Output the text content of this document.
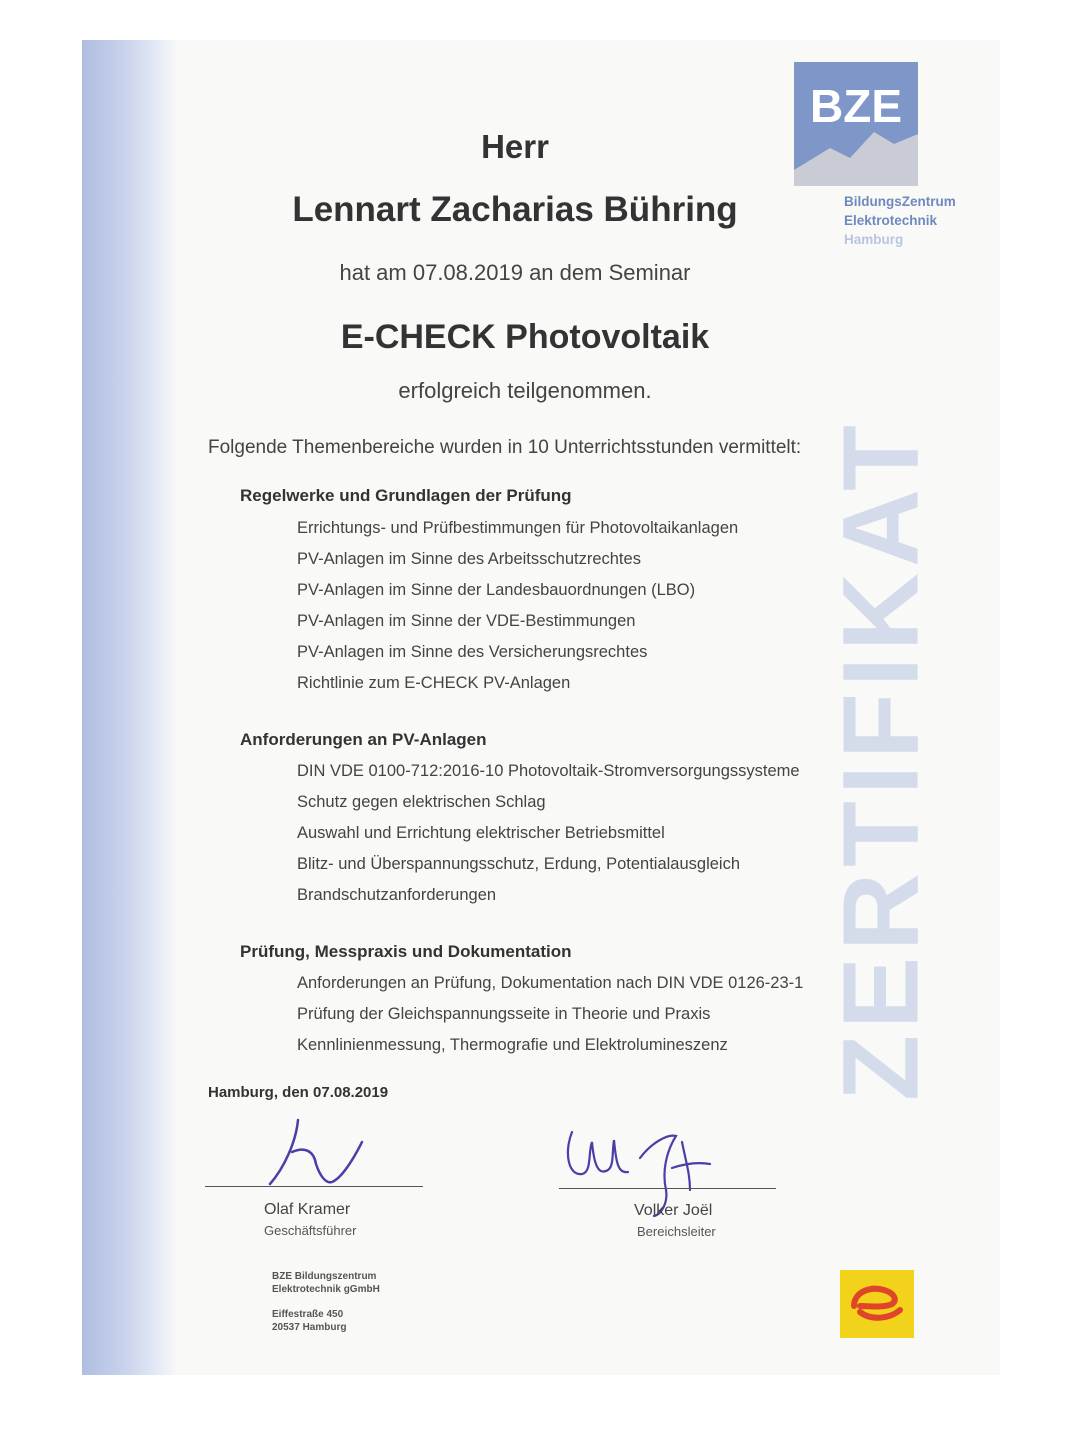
ZERTIFIKAT
BZE
BildungsZentrum
Elektrotechnik
Hamburg
Herr
Lennart Zacharias Bühring
hat am 07.08.2019 an dem Seminar
E-CHECK Photovoltaik
erfolgreich teilgenommen.
Folgende Themenbereiche wurden in 10 Unterrichtsstunden vermittelt:
Regelwerke und Grundlagen der Prüfung
Errichtungs- und Prüfbestimmungen für Photovoltaikanlagen
PV-Anlagen im Sinne des Arbeitsschutzrechtes
PV-Anlagen im Sinne der Landesbauordnungen (LBO)
PV-Anlagen im Sinne der VDE-Bestimmungen
PV-Anlagen im Sinne des Versicherungsrechtes
Richtlinie zum E-CHECK PV-Anlagen
Anforderungen an PV-Anlagen
DIN VDE 0100-712:2016-10 Photovoltaik-Stromversorgungssysteme
Schutz gegen elektrischen Schlag
Auswahl und Errichtung elektrischer Betriebsmittel
Blitz- und Überspannungsschutz, Erdung, Potentialausgleich
Brandschutzanforderungen
Prüfung, Messpraxis und Dokumentation
Anforderungen an Prüfung, Dokumentation nach DIN VDE 0126-23-1
Prüfung der Gleichspannungsseite in Theorie und Praxis
Kennlinienmessung, Thermografie und Elektrolumineszenz
Hamburg, den 07.08.2019
Olaf Kramer
Geschäftsführer
Volker Joël
Bereichsleiter
BZE Bildungszentrum
Elektrotechnik gGmbH
Eiffestraße 450
20537 Hamburg
